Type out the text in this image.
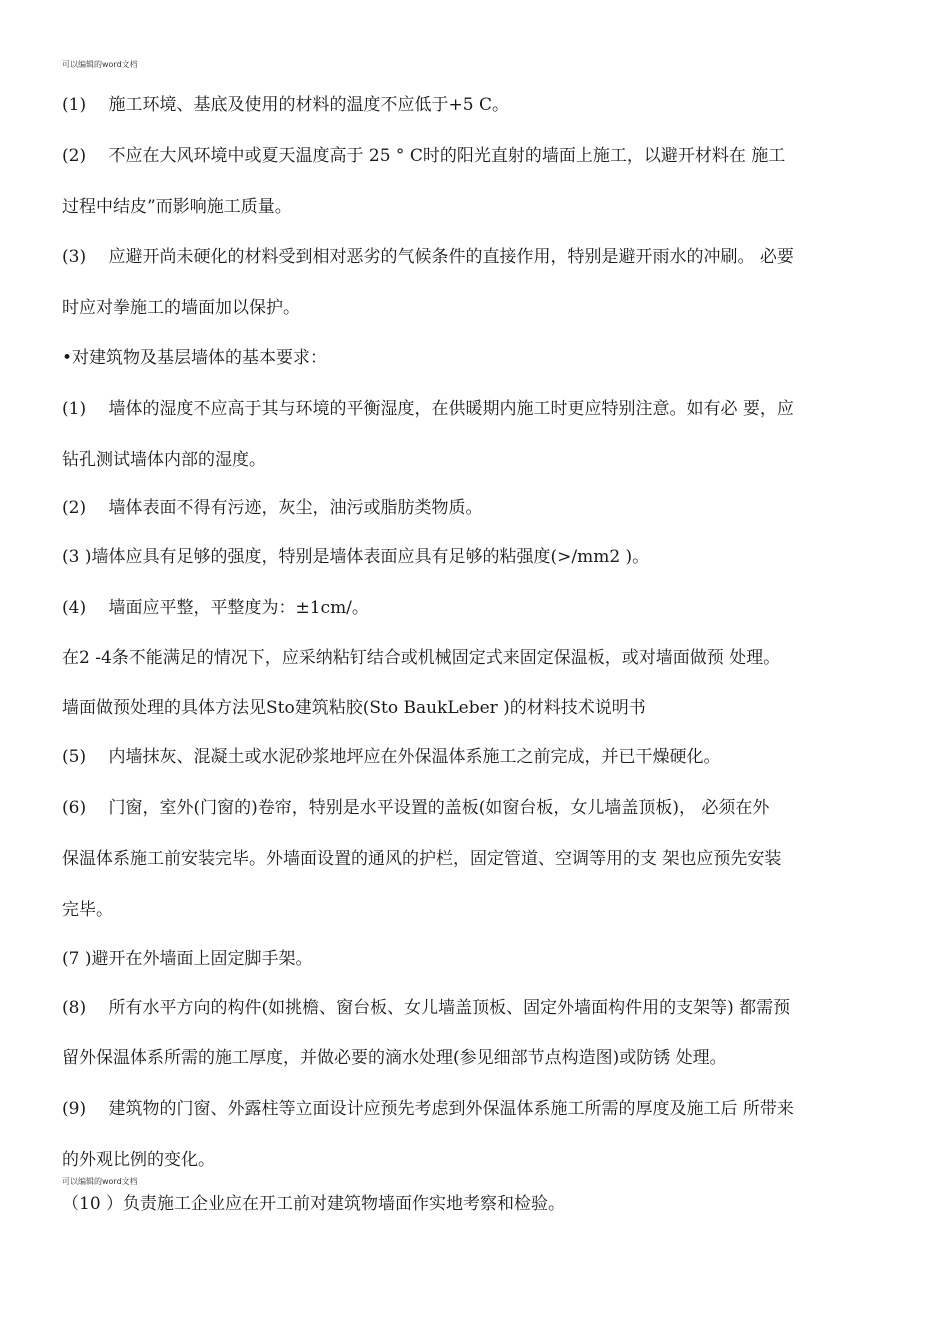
可以编辑的word文档
(1)　 施工环境、基底及使用的材料的温度不应低于+5 C。
(2)　 不应在大风环境中或夏天温度高于 25 ° C时的阳光直射的墙面上施工，以避开材料在 施工
过程中结皮”而影响施工质量。
(3)　 应避开尚未硬化的材料受到相对恶劣的气候条件的直接作用，特别是避开雨水的冲刷。 必要
时应对拳施工的墙面加以保护。
•对建筑物及基层墙体的基本要求：
(1)　 墙体的湿度不应高于其与环境的平衡湿度，在供暖期内施工时更应特别注意。如有必 要，应
钻孔测试墙体内部的湿度。
(2)　 墙体表面不得有污迹，灰尘，油污或脂肪类物质。
(3 )墙体应具有足够的强度，特别是墙体表面应具有足够的粘强度(>/mm2 )。
(4)　 墙面应平整，平整度为：±1cm/。
在2 -4条不能满足的情况下，应采纳粘钉结合或机械固定式来固定保温板，或对墙面做预 处理。
墙面做预处理的具体方法见Sto建筑粘胶(Sto BaukLeber )的材料技术说明书
(5)　 内墙抹灰、混凝土或水泥砂浆地坪应在外保温体系施工之前完成，并已干燥硬化。
(6)　 门窗，室外(门窗的)卷帘，特别是水平设置的盖板(如窗台板，女儿墙盖顶板)， 必须在外
保温体系施工前安装完毕。外墙面设置的通风的护栏，固定管道、空调等用的支 架也应预先安装
完毕。
(7 )避开在外墙面上固定脚手架。
(8)　 所有水平方向的构件(如挑檐、窗台板、女儿墙盖顶板、固定外墙面构件用的支架等) 都需预
留外保温体系所需的施工厚度，并做必要的滴水处理(参见细部节点构造图)或防锈 处理。
(9)　 建筑物的门窗、外露柱等立面设计应预先考虑到外保温体系施工所需的厚度及施工后 所带来
的外观比例的变化。
可以编辑的word文档
（10 ）负责施工企业应在开工前对建筑物墙面作实地考察和检验。
